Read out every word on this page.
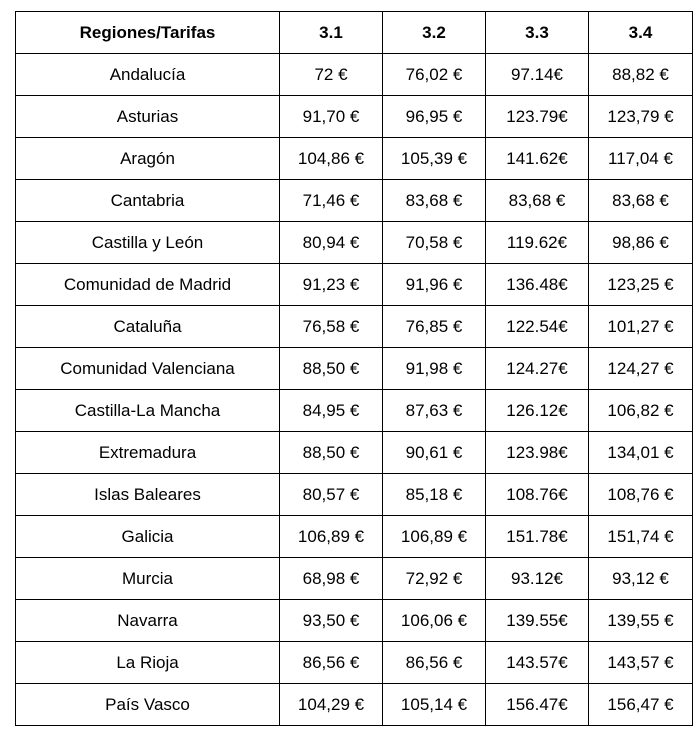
Regiones/Tarifas	3.1	3.2	3.3	3.4
Andalucía	72 €	76,02 €	97.14€	88,82 €
Asturias	91,70 €	96,95 €	123.79€	123,79 €
Aragón	104,86 €	105,39 €	141.62€	117,04 €
Cantabria	71,46 €	83,68 €	83,68 €	83,68 €
Castilla y León	80,94 €	70,58 €	119.62€	98,86 €
Comunidad de Madrid	91,23 €	91,96 €	136.48€	123,25 €
Cataluña	76,58 €	76,85 €	122.54€	101,27 €
Comunidad Valenciana	88,50 €	91,98 €	124.27€	124,27 €
Castilla-La Mancha	84,95 €	87,63 €	126.12€	106,82 €
Extremadura	88,50 €	90,61 €	123.98€	134,01 €
Islas Baleares	80,57 €	85,18 €	108.76€	108,76 €
Galicia	106,89 €	106,89 €	151.78€	151,74 €
Murcia	68,98 €	72,92 €	93.12€	93,12 €
Navarra	93,50 €	106,06 €	139.55€	139,55 €
La Rioja	86,56 €	86,56 €	143.57€	143,57 €
País Vasco	104,29 €	105,14 €	156.47€	156,47 €
